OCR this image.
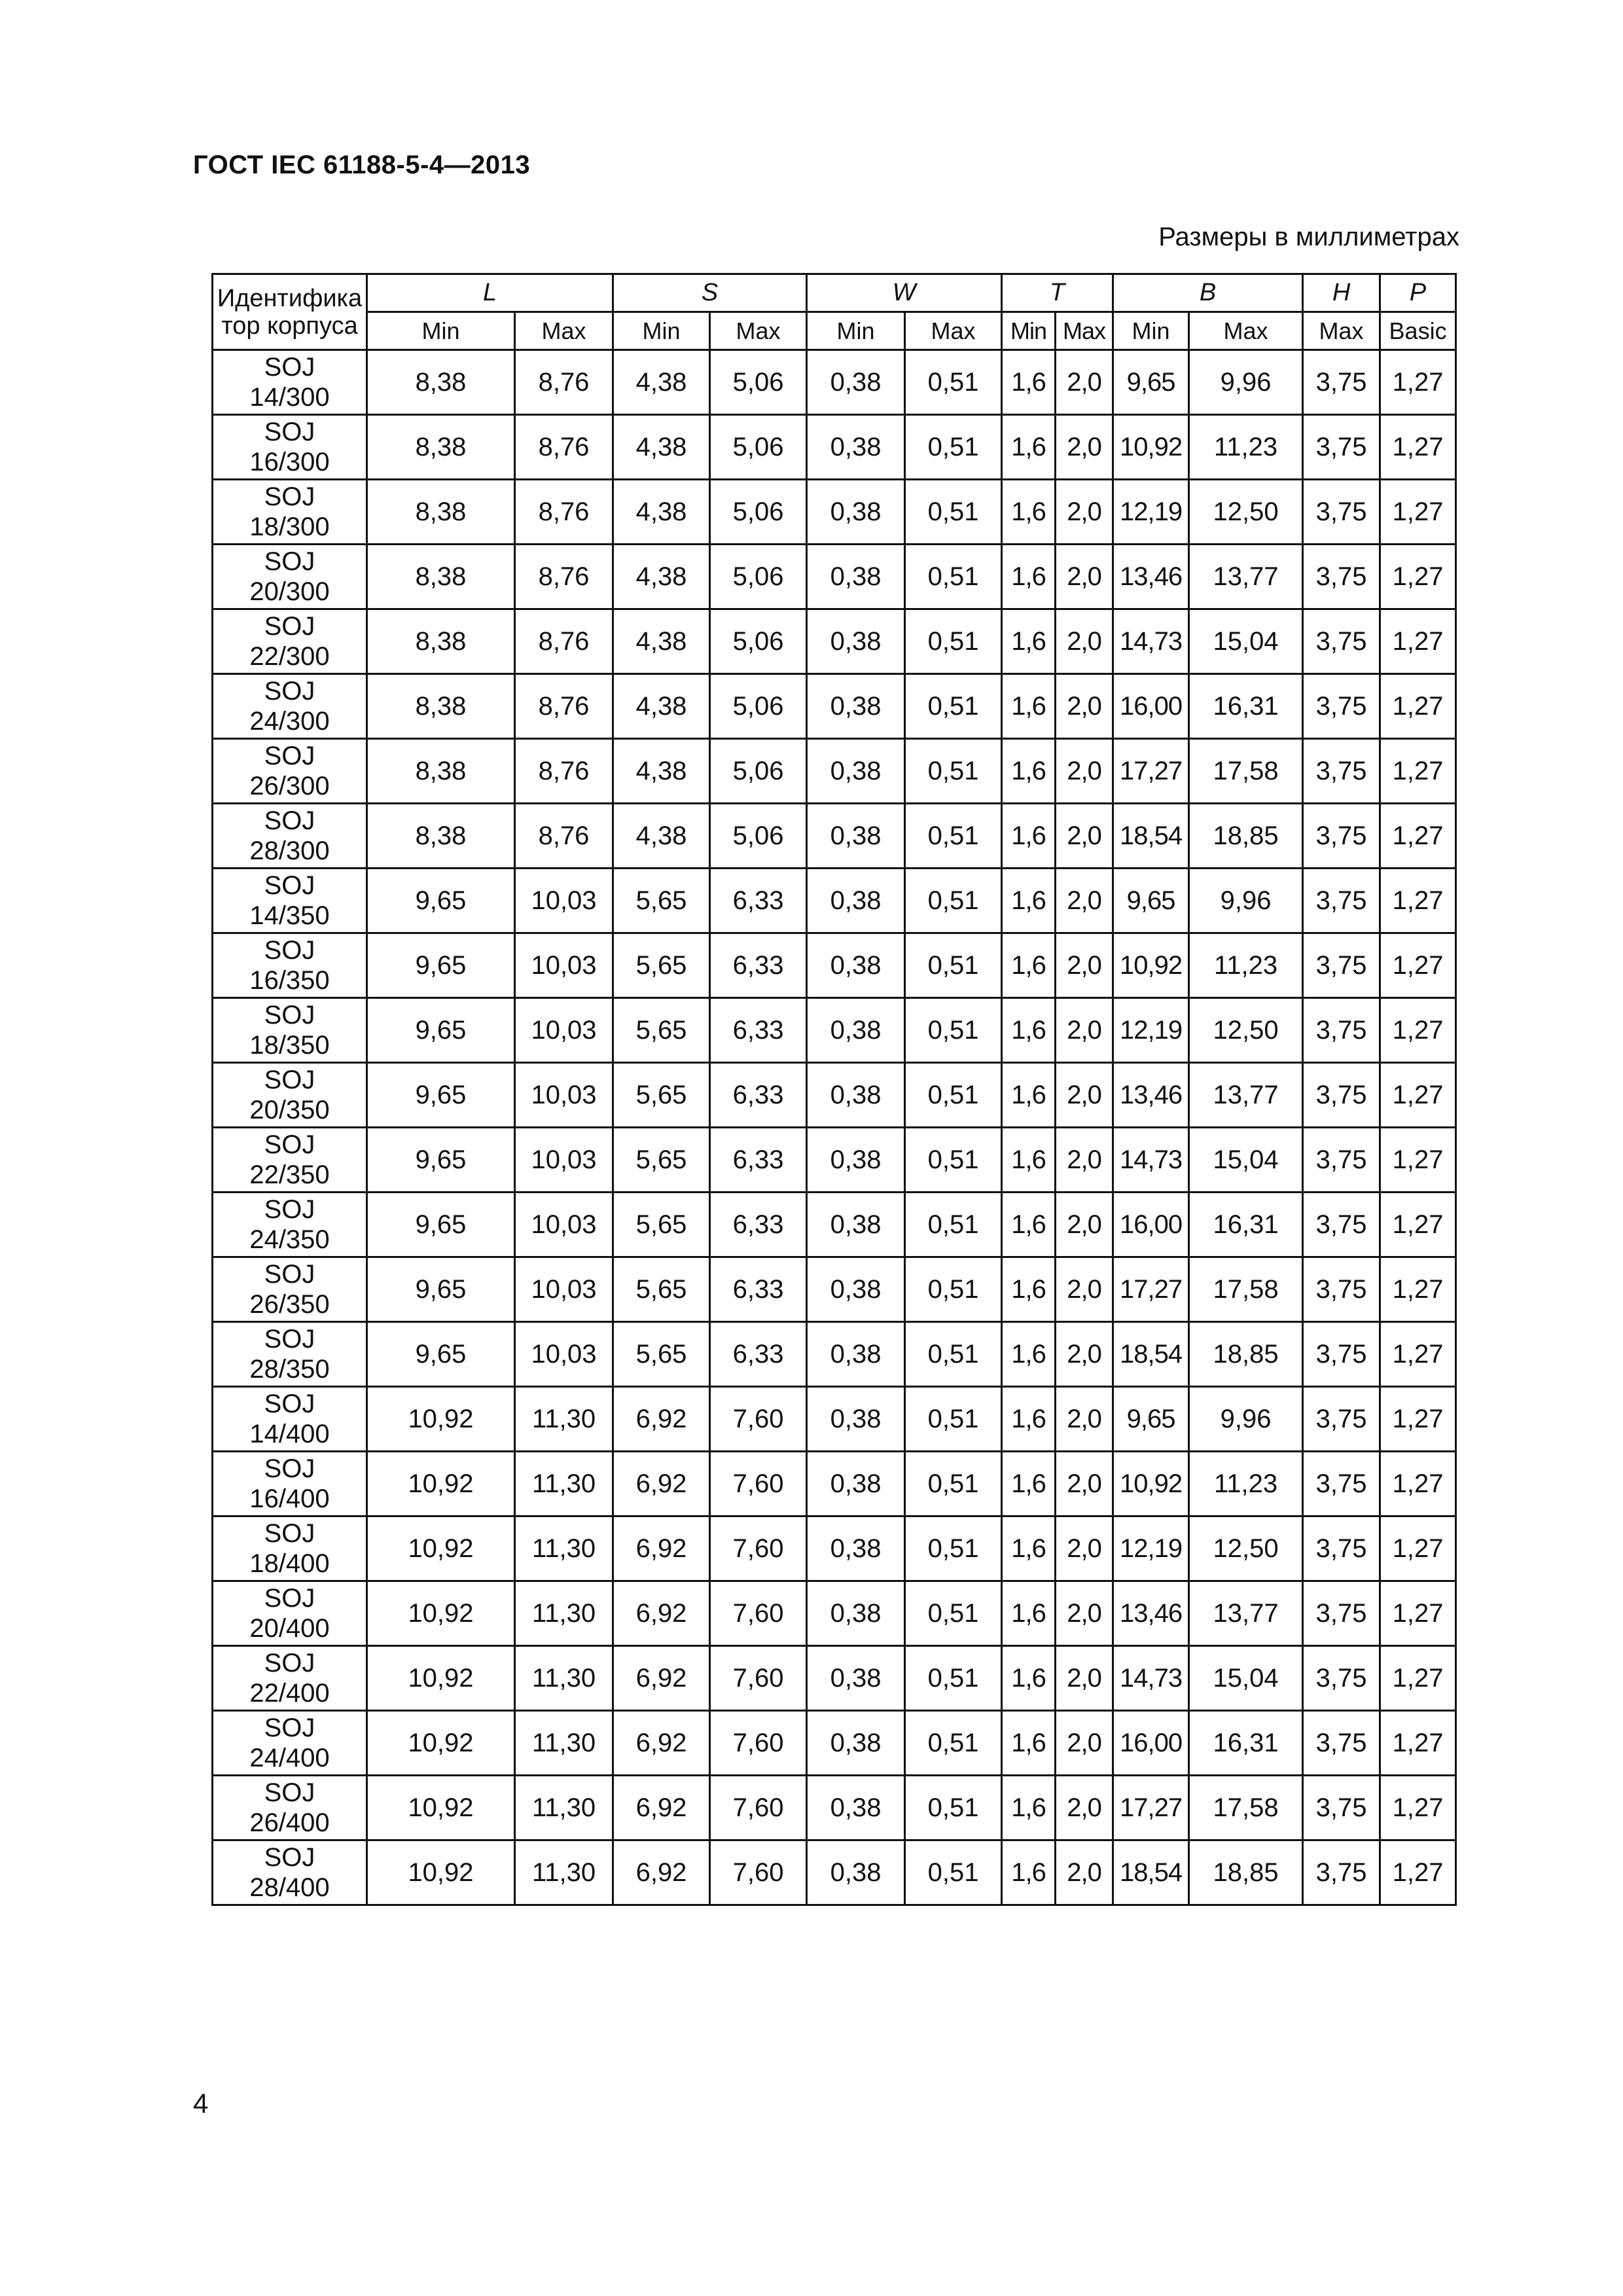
ГОСТ IEC 61188-5-4—2013
Размеры в миллиметрах
Идентифика тор корпуса	L		S		W		T		B		H	P
	Min	Max	Min	Max	Min	Max	Min	Max	Min	Max	Max	Basic

SOJ
14/300	8,38	8,76	4,38	5,06	0,38	0,51	1,6	2,0	9,65	9,96	3,75	1,27

SOJ
16/300	8,38	8,76	4,38	5,06	0,38	0,51	1,6	2,0	10,92	11,23	3,75	1,27

SOJ
18/300	8,38	8,76	4,38	5,06	0,38	0,51	1,6	2,0	12,19	12,50	3,75	1,27

SOJ
20/300	8,38	8,76	4,38	5,06	0,38	0,51	1,6	2,0	13,46	13,77	3,75	1,27

SOJ
22/300	8,38	8,76	4,38	5,06	0,38	0,51	1,6	2,0	14,73	15,04	3,75	1,27

SOJ
24/300	8,38	8,76	4,38	5,06	0,38	0,51	1,6	2,0	16,00	16,31	3,75	1,27

SOJ
26/300	8,38	8,76	4,38	5,06	0,38	0,51	1,6	2,0	17,27	17,58	3,75	1,27

SOJ
28/300	8,38	8,76	4,38	5,06	0,38	0,51	1,6	2,0	18,54	18,85	3,75	1,27

SOJ
14/350	9,65	10,03	5,65	6,33	0,38	0,51	1,6	2,0	9,65	9,96	3,75	1,27

SOJ
16/350	9,65	10,03	5,65	6,33	0,38	0,51	1,6	2,0	10,92	11,23	3,75	1,27

SOJ
18/350	9,65	10,03	5,65	6,33	0,38	0,51	1,6	2,0	12,19	12,50	3,75	1,27

SOJ
20/350	9,65	10,03	5,65	6,33	0,38	0,51	1,6	2,0	13,46	13,77	3,75	1,27

SOJ
22/350	9,65	10,03	5,65	6,33	0,38	0,51	1,6	2,0	14,73	15,04	3,75	1,27

SOJ
24/350	9,65	10,03	5,65	6,33	0,38	0,51	1,6	2,0	16,00	16,31	3,75	1,27

SOJ
26/350	9,65	10,03	5,65	6,33	0,38	0,51	1,6	2,0	17,27	17,58	3,75	1,27

SOJ
28/350	9,65	10,03	5,65	6,33	0,38	0,51	1,6	2,0	18,54	18,85	3,75	1,27

SOJ
14/400	10,92	11,30	6,92	7,60	0,38	0,51	1,6	2,0	9,65	9,96	3,75	1,27

SOJ
16/400	10,92	11,30	6,92	7,60	0,38	0,51	1,6	2,0	10,92	11,23	3,75	1,27

SOJ
18/400	10,92	11,30	6,92	7,60	0,38	0,51	1,6	2,0	12,19	12,50	3,75	1,27

SOJ
20/400	10,92	11,30	6,92	7,60	0,38	0,51	1,6	2,0	13,46	13,77	3,75	1,27

SOJ
22/400	10,92	11,30	6,92	7,60	0,38	0,51	1,6	2,0	14,73	15,04	3,75	1,27

SOJ
24/400	10,92	11,30	6,92	7,60	0,38	0,51	1,6	2,0	16,00	16,31	3,75	1,27

SOJ
26/400	10,92	11,30	6,92	7,60	0,38	0,51	1,6	2,0	17,27	17,58	3,75	1,27

SOJ
28/400	10,92	11,30	6,92	7,60	0,38	0,51	1,6	2,0	18,54	18,85	3,75	1,27
4
